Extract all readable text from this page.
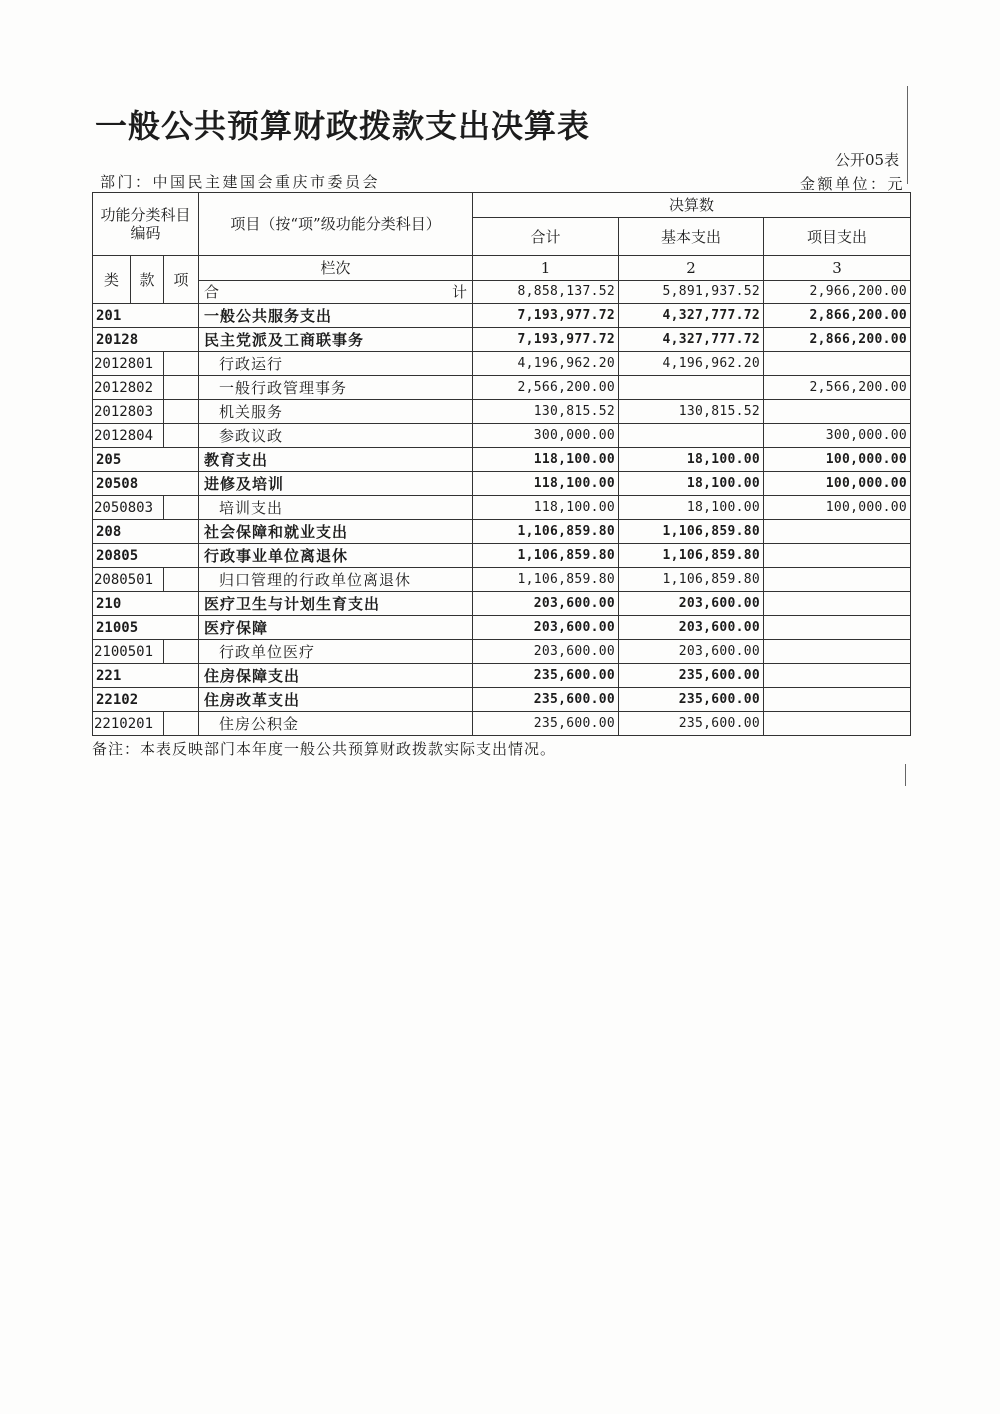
一般公共预算财政拨款支出决算表
公开05表
部门：中国民主建国会重庆市委员会	金额单位：元
功能分类科目
编码			项目（按“项”级功能分类科目）	决算数		
				合计	基本支出	项目支出
类	款	项	栏次	1	2	3

			合 计	8,858,137.52	5,891,937.52	2,966,200.00
201			一般公共服务支出	7,193,977.72	4,327,777.72	2,866,200.00
20128			民主党派及工商联事务	7,193,977.72	4,327,777.72	2,866,200.00
2012801			行政运行	4,196,962.20	4,196,962.20	
2012802			一般行政管理事务	2,566,200.00		2,566,200.00
2012803			机关服务	130,815.52	130,815.52	
2012804			参政议政	300,000.00		300,000.00
205			教育支出	118,100.00	18,100.00	100,000.00
20508			进修及培训	118,100.00	18,100.00	100,000.00
2050803			培训支出	118,100.00	18,100.00	100,000.00
208			社会保障和就业支出	1,106,859.80	1,106,859.80	
20805			行政事业单位离退休	1,106,859.80	1,106,859.80	
2080501			归口管理的行政单位离退休	1,106,859.80	1,106,859.80	
210			医疗卫生与计划生育支出	203,600.00	203,600.00	
21005			医疗保障	203,600.00	203,600.00	
2100501			行政单位医疗	203,600.00	203,600.00	
221			住房保障支出	235,600.00	235,600.00	
22102			住房改革支出	235,600.00	235,600.00	
2210201			住房公积金	235,600.00	235,600.00	
备注：本表反映部门本年度一般公共预算财政拨款实际支出情况。
